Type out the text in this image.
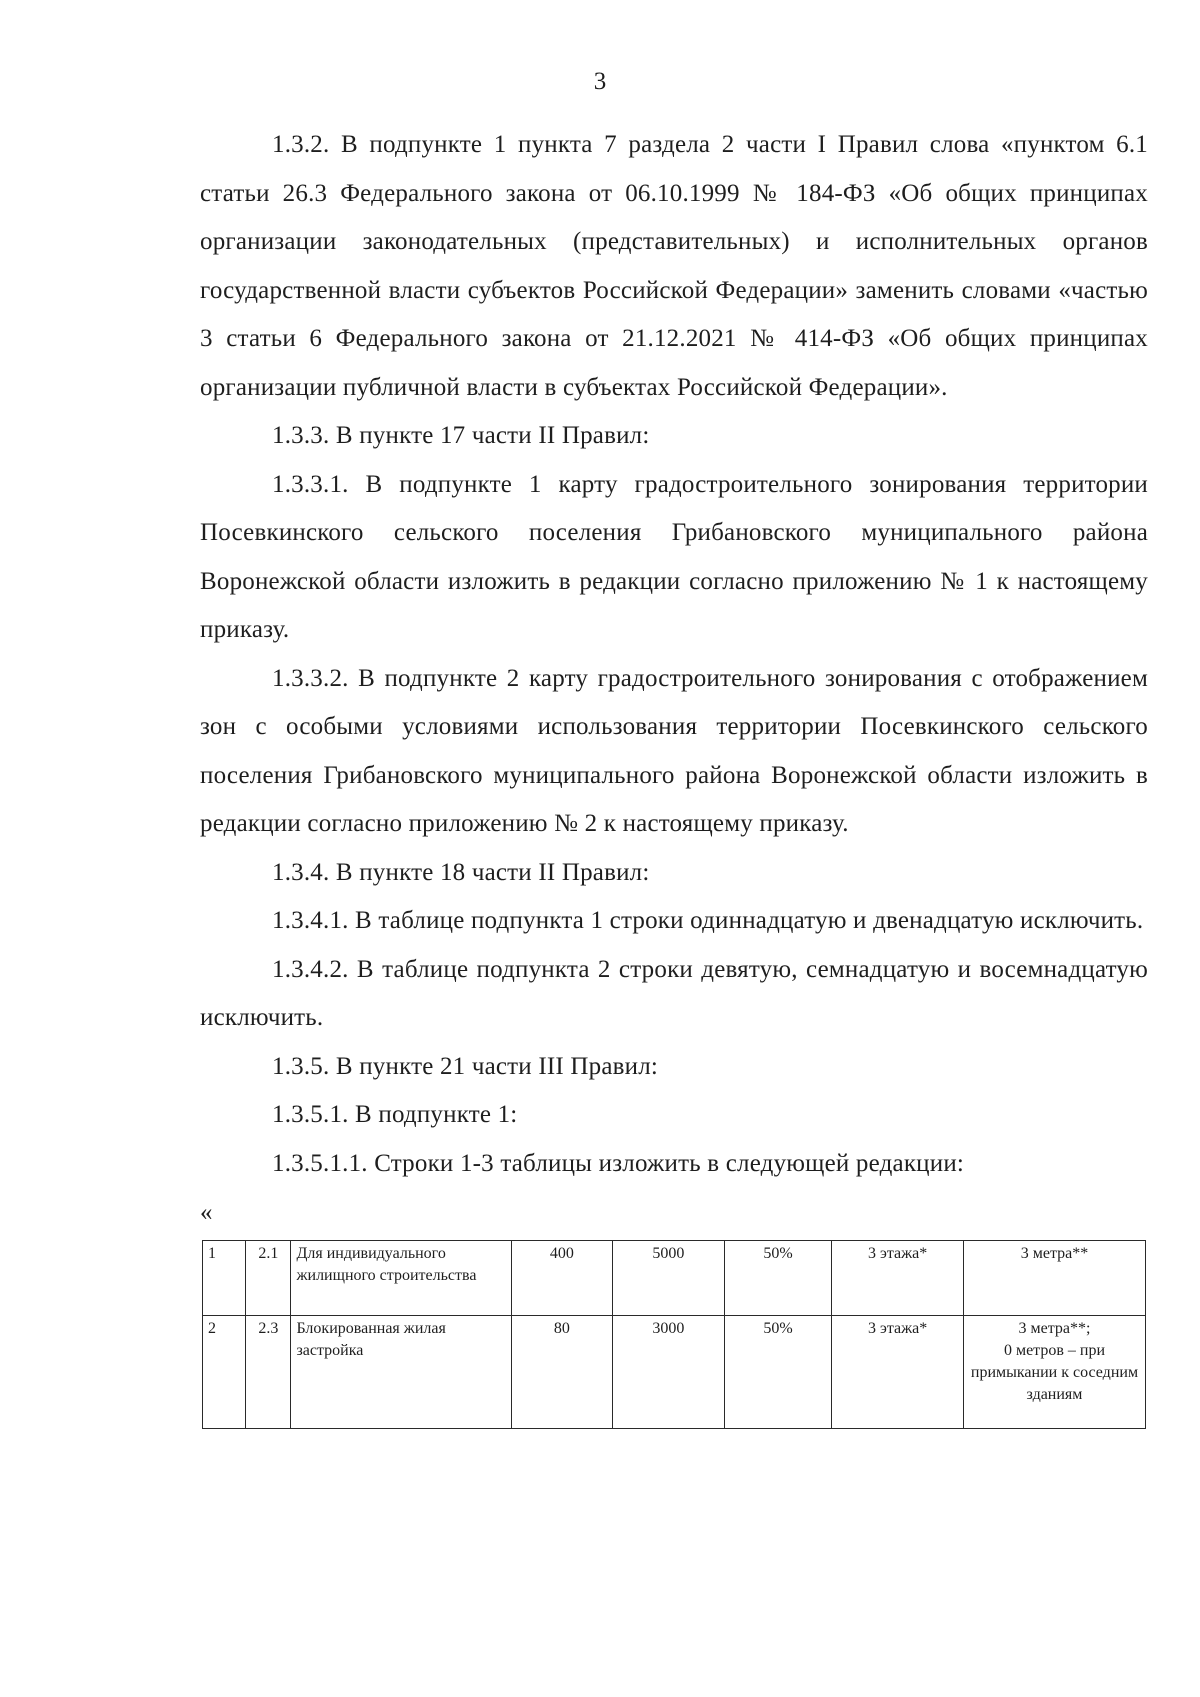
3

1.3.2. В подпункте 1 пункта 7 раздела 2 части I Правил слова «пунктом 6.1 статьи 26.3 Федерального закона от 06.10.1999 № 184-ФЗ «Об общих принципах организации законодательных (представительных) и исполнительных органов государственной власти субъектов Российской Федерации» заменить словами «частью 3 статьи 6 Федерального закона от 21.12.2021 № 414-ФЗ «Об общих принципах организации публичной власти в субъектах Российской Федерации».

1.3.3. В пункте 17 части II Правил:

1.3.3.1. В подпункте 1 карту градостроительного зонирования территории Посевкинского сельского поселения Грибановского муниципального района Воронежской области изложить в редакции согласно приложению № 1 к настоящему приказу.

1.3.3.2. В подпункте 2 карту градостроительного зонирования с отображением зон с особыми условиями использования территории Посевкинского сельского поселения Грибановского муниципального района Воронежской области изложить в редакции согласно приложению № 2 к настоящему приказу.

1.3.4. В пункте 18 части II Правил:

1.3.4.1. В таблице подпункта 1 строки одиннадцатую и двенадцатую исключить.

1.3.4.2. В таблице подпункта 2 строки девятую, семнадцатую и восемнадцатую исключить.

1.3.5. В пункте 21 части III Правил:

1.3.5.1. В подпункте 1:

1.3.5.1.1. Строки 1-3 таблицы изложить в следующей редакции:

«
1	2.1	Для индивидуального жилищного строительства	400	5000	50%	3 этажа*	3 метра**

2	2.3	Блокированная жилая застройка	80	3000	50%	3 этажа*	3 метра**;
0 метров – при примыкании к соседним зданиям
